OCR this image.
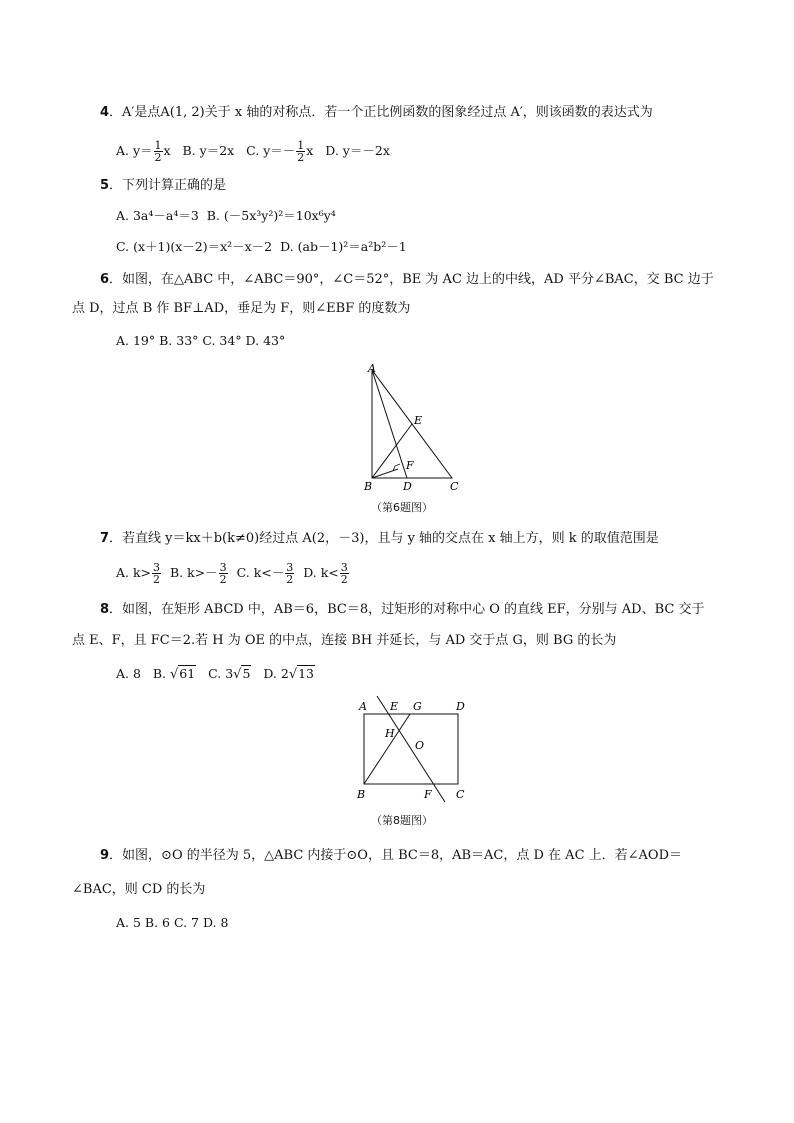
4．A′是点A(1, 2)关于 x 轴的对称点．若一个正比例函数的图象经过点 A′，则该函数的表达式为
A. $y= \frac{1}{2}$ x B. y＝2x C. $y=- \frac{1}{2}$ x D. y＝－2x
5．下列计算正确的是
A. 3a⁴－a⁴＝3 B. (－5x³y²)²＝10x⁶y⁴
C. (x＋1)(x－2)＝x²－x－2 D. (ab－1)²＝a²b²－1
6．如图，在△ABC 中，∠ABC＝90°，∠C＝52°，BE 为 AC 边上的中线，AD 平分∠BAC，交 BC 边于
点 D，过点 B 作 BF⊥AD，垂足为 F，则∠EBF 的度数为
A. 19° B. 33° C. 34° D. 43°
A
B	C
D
E
F
（第6题图）
7．若直线 y＝kx＋b(k≠0)经过点 A(2，－3)，且与 y 轴的交点在 x 轴上方，则 k 的取值范围是
A. $k> \frac{3}{2} B$. $k>- \frac{3}{2} C$. $k<- \frac{3}{2} D$. $k< \frac{3}{2}$
8．如图，在矩形 ABCD 中，AB＝6，BC＝8，过矩形的对称中心 O 的直线 EF，分别与 AD、BC 交于
点 E、F，且 FC＝2.若 H 为 OE 的中点，连接 BH 并延长，与 AD 交于点 G，则 BG 的长为
A. 8 B. √61 C. 3√5 D. 2√13
A E G	D
H
O
B	F C
（第8题图）
9．如图，⊙O 的半径为 5，△ABC 内接于⊙O，且 BC＝8，AB＝AC，点 D 在 AC 上．若∠AOD＝
∠BAC，则 CD 的长为
A. 5 B. 6 C. 7 D. 8
